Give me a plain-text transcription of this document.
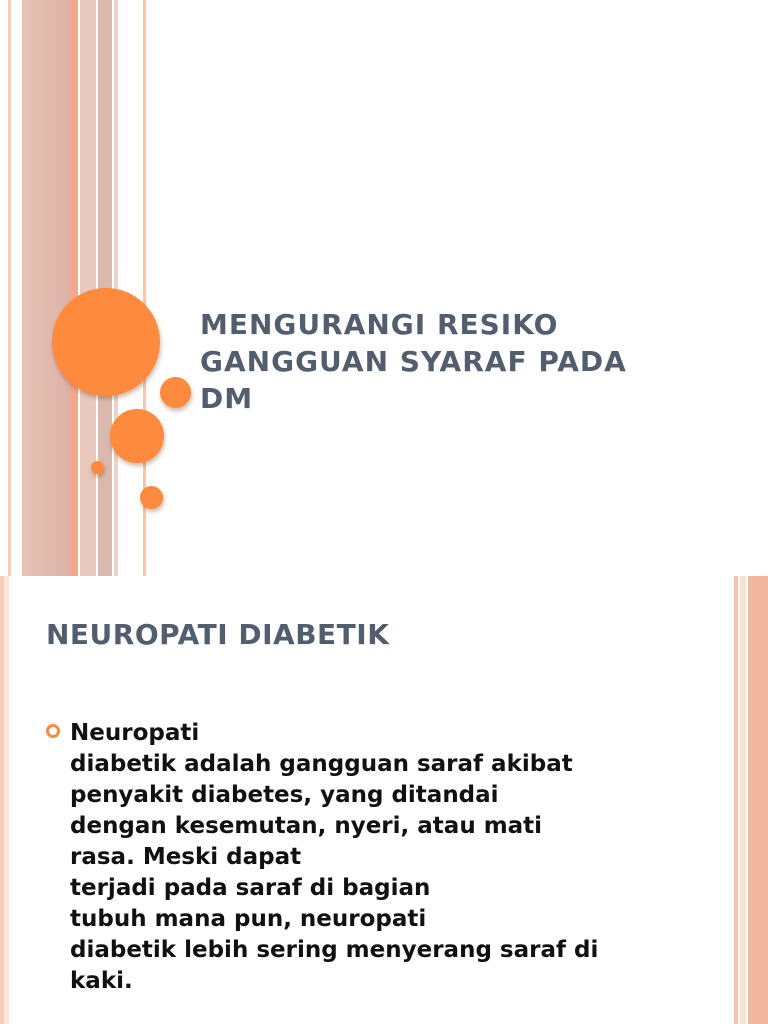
MENGURANGI RESIKO
GANGGUAN SYARAF PADA
DM
NEUROPATI DIABETIK

Neuropati
diabetik adalah gangguan saraf akibat
penyakit diabetes, yang ditandai
dengan kesemutan, nyeri, atau mati
rasa. Meski dapat
terjadi pada saraf di bagian
tubuh mana pun, neuropati
diabetik lebih sering menyerang saraf di
kaki.
